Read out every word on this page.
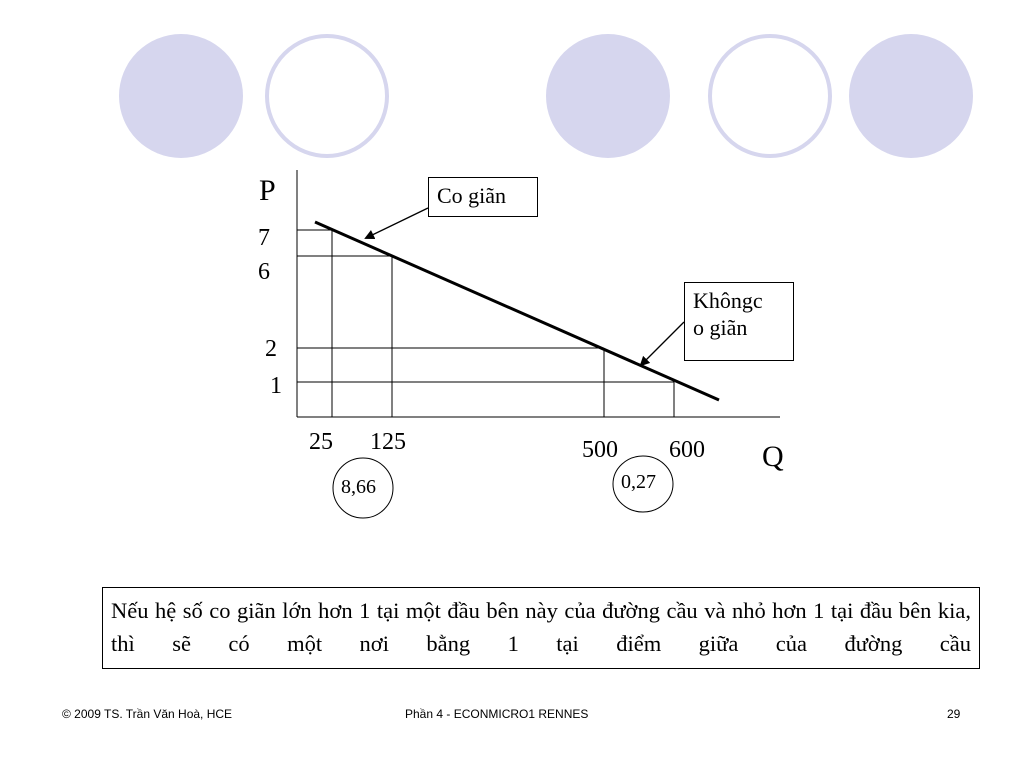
P
Q
7
6
2
1
25 125	500 600
Co giãn
Khôngc
o giãn
8,66	0,27
Nếu hệ số co giãn lớn hơn 1 tại một đầu bên này của đường cầu và nhỏ hơn 1 tại đầu bên kia, thì sẽ có một nơi bằng 1 tại điểm giữa của đường cầu
© 2009 TS. Trần Văn Hoà, HCE	Phần 4 - ECONMICRO1 RENNES	29
